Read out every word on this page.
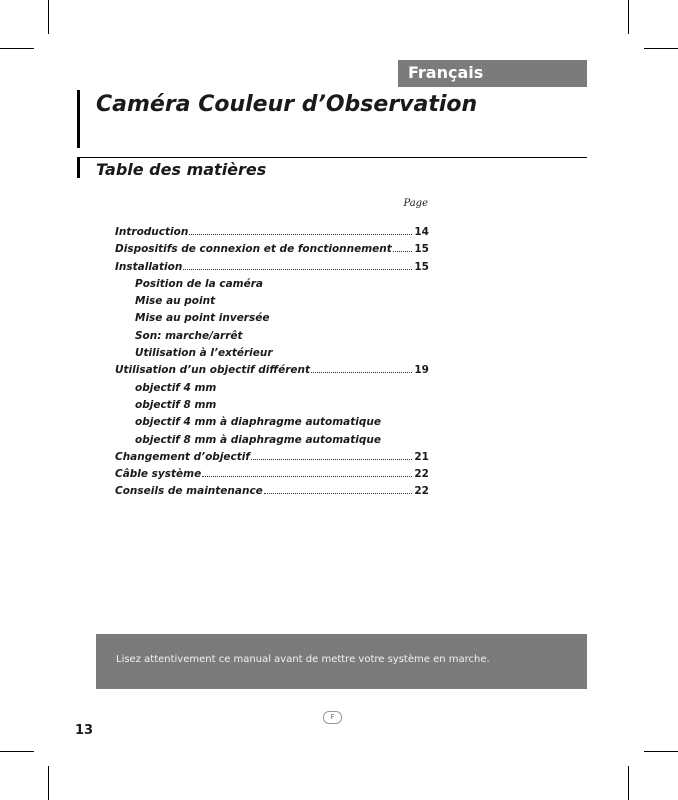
Français
Caméra Couleur d’Observation
Table des matières
Page
Introduction	14
Dispositifs de connexion et de fonctionnement 15
Installation	15
Position de la caméra
Mise au point
Mise au point inversée
Son: marche/arrêt
Utilisation à l’extérieur
Utilisation d’un objectif différent	19
objectif 4 mm
objectif 8 mm
objectif 4 mm à diaphragme automatique
objectif 8 mm à diaphragme automatique
Changement d’objectif	21
Câble système	22
Conseils de maintenance	22
Lisez attentivement ce manual avant de mettre votre système en marche.
F
13
